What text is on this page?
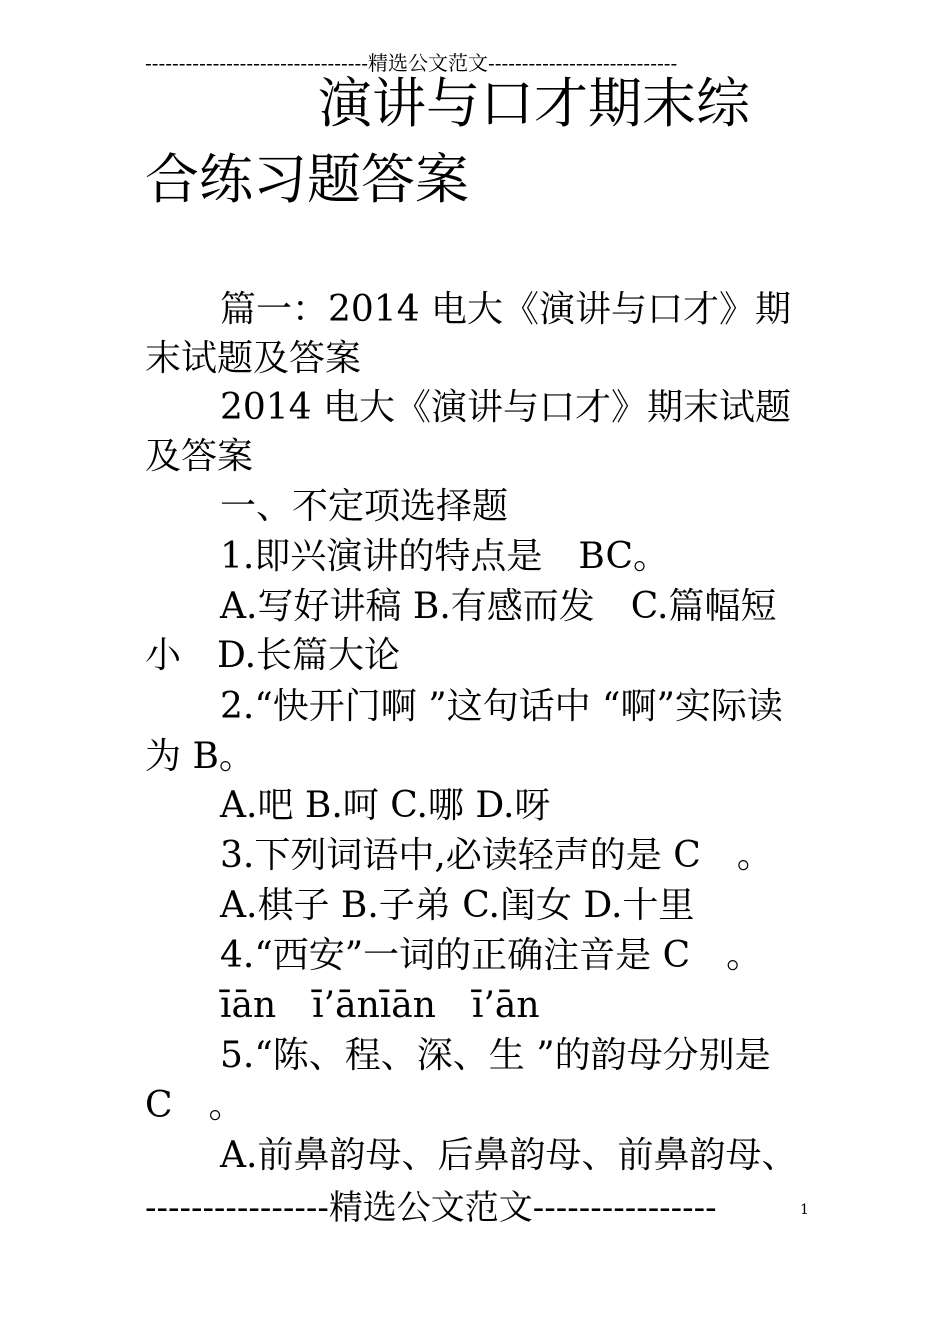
---------------------------------精选公文范文----------------------------
演讲与口才期末综
合练习题答案
篇一：2014 电大《演讲与口才》期
末试题及答案
2014 电大《演讲与口才》期末试题
及答案
一、不定项选择题
1.即兴演讲的特点是　BC。
A.写好讲稿 B.有感而发　C.篇幅短
小　D.长篇大论
2.“快开门啊 ”这句话中 “啊”实际读
为 B。
A.吧 B.呵 C.哪 D.呀
3.下列词语中,必读轻声的是 C　。
A.棋子 B.子弟 C.闺女 D.十里
4.“西安”一词的正确注音是 C　。
īān　ī’ānīān　ī’ān
5.“陈、程、深、生 ”的韵母分别是
C　。
A.前鼻韵母、后鼻韵母、前鼻韵母、
----------------精选公文范文----------------	1
